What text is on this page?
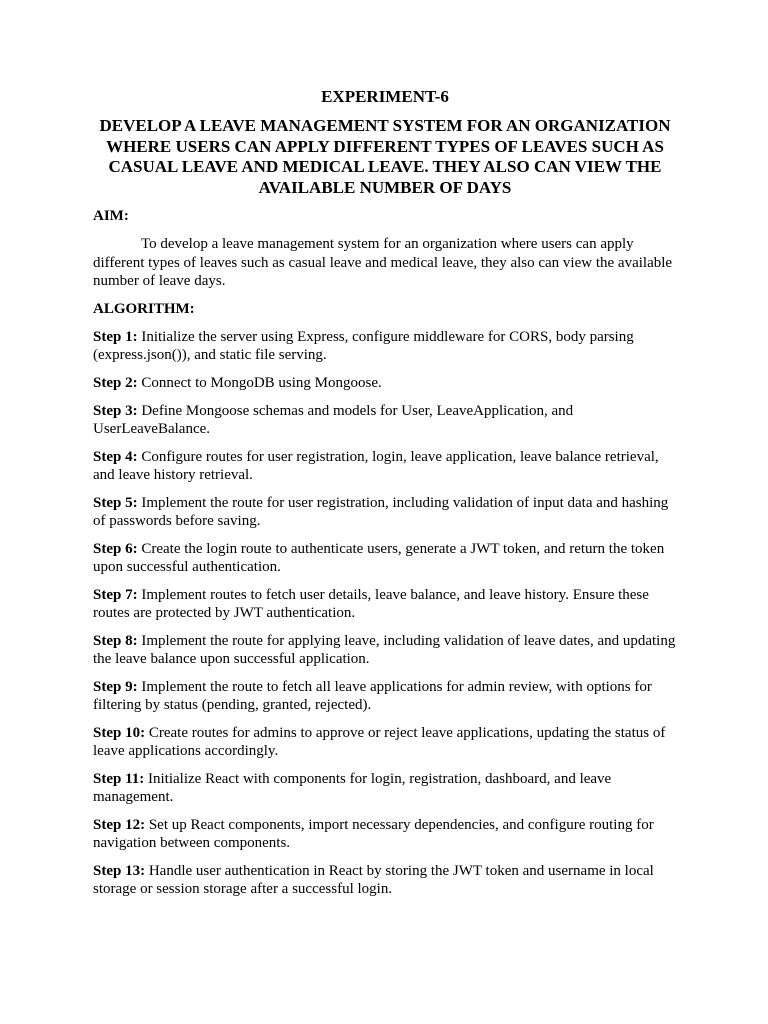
EXPERIMENT-6
DEVELOP A LEAVE MANAGEMENT SYSTEM FOR AN ORGANIZATION WHERE USERS CAN APPLY DIFFERENT TYPES OF LEAVES SUCH AS CASUAL LEAVE AND MEDICAL LEAVE. THEY ALSO CAN VIEW THE AVAILABLE NUMBER OF DAYS
AIM:
To develop a leave management system for an organization where users can apply different types of leaves such as casual leave and medical leave, they also can view the available number of leave days.
ALGORITHM:

Step 1: Initialize the server using Express, configure middleware for CORS, body parsing (express.json()), and static file serving.

Step 2: Connect to MongoDB using Mongoose.

Step 3: Define Mongoose schemas and models for User, LeaveApplication, and UserLeaveBalance.

Step 4: Configure routes for user registration, login, leave application, leave balance retrieval, and leave history retrieval.

Step 5: Implement the route for user registration, including validation of input data and hashing of passwords before saving.

Step 6: Create the login route to authenticate users, generate a JWT token, and return the token upon successful authentication.

Step 7: Implement routes to fetch user details, leave balance, and leave history. Ensure these routes are protected by JWT authentication.

Step 8: Implement the route for applying leave, including validation of leave dates, and updating the leave balance upon successful application.

Step 9: Implement the route to fetch all leave applications for admin review, with options for filtering by status (pending, granted, rejected).

Step 10: Create routes for admins to approve or reject leave applications, updating the status of leave applications accordingly.

Step 11: Initialize React with components for login, registration, dashboard, and leave management.

Step 12: Set up React components, import necessary dependencies, and configure routing for navigation between components.

Step 13: Handle user authentication in React by storing the JWT token and username in local storage or session storage after a successful login.
